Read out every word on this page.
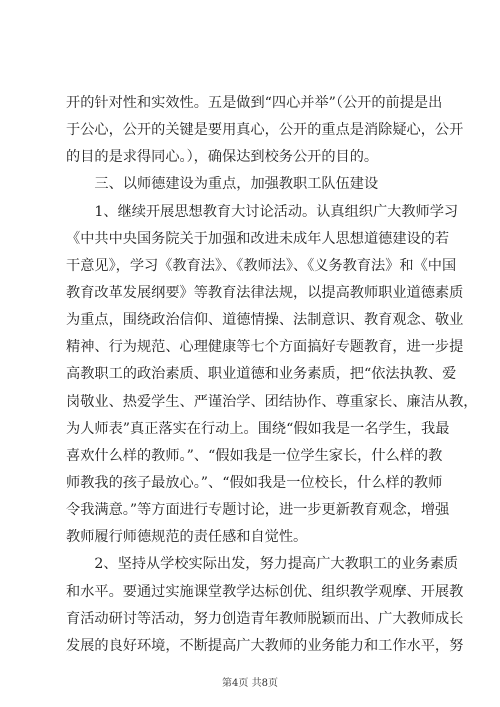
开的针对性和实效性。五是做到“四心并举”（公开的前提是出
于公心，公开的关键是要用真心，公开的重点是消除疑心，公开
的目的是求得同心。），确保达到校务公开的目的。
　　三、以师德建设为重点，加强教职工队伍建设
　　1、继续开展思想教育大讨论活动。认真组织广大教师学习
《中共中央国务院关于加强和改进未成年人思想道德建设的若
干意见》，学习《教育法》、《教师法》、《义务教育法》和《中国
教育改革发展纲要》等教育法律法规，以提高教师职业道德素质
为重点，围绕政治信仰、道德情操、法制意识、教育观念、敬业
精神、行为规范、心理健康等七个方面搞好专题教育，进一步提
高教职工的政治素质、职业道德和业务素质，把“依法执教、爱
岗敬业、热爱学生、严谨治学、团结协作、尊重家长、廉洁从教，
为人师表”真正落实在行动上。围绕“假如我是一名学生，我最
喜欢什么样的教师。”、“假如我是一位学生家长，什么样的教
师教我的孩子最放心。”、“假如我是一位校长，什么样的教师
令我满意。”等方面进行专题讨论，进一步更新教育观念，增强
教师履行师德规范的责任感和自觉性。
　　2、坚持从学校实际出发，努力提高广大教职工的业务素质
和水平。要通过实施课堂教学达标创优、组织教学观摩、开展教
育活动研讨等活动，努力创造青年教师脱颖而出、广大教师成长
发展的良好环境，不断提高广大教师的业务能力和工作水平，努
第4页 共8页
